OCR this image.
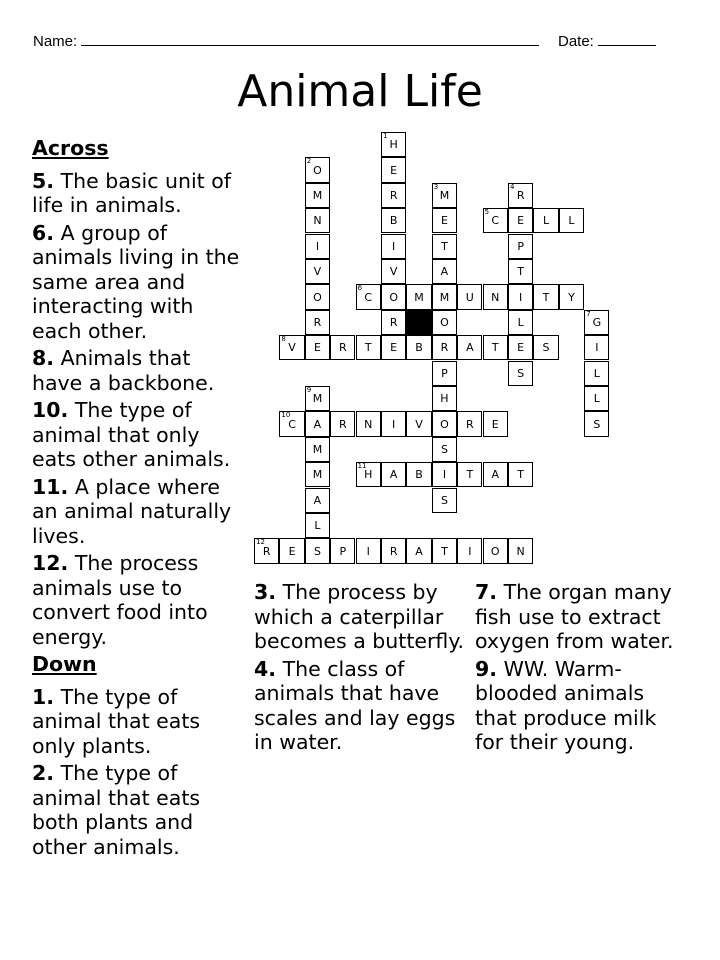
Name:	Date:
Animal Life
H
1
O
2
E
M	R	M
3
R
4
N	B	E	C
5
E	L	L
I	I	T	P
V	V	A	T
O	C
6
O	M	M	U	N	I	T	Y
R	R	O	L	G
7
V
8
E	R	T	E	B	R	A	T	E	S	I
P	S	L
M
9
H	L
C
10
A	R	N	I	V	O	R	E	S
M	S
M	H
11
A	B	I	T	A	T
A	S
L
R
12
E	S	P	I	R	A	T	I	O	N
Across
5. The basic unit of life in animals.
6. A group of animals living in the same area and interacting with each other.
8. Animals that have a backbone.
10. The type of animal that only eats other animals.
11. A place where an animal naturally lives.
12. The process animals use to convert food into energy.
Down
1. The type of animal that eats only plants.
2. The type of animal that eats both plants and other animals.
3. The process by which a caterpillar becomes a butterfly.
4. The class of animals that have scales and lay eggs in water.
7. The organ many fish use to extract oxygen from water.
9. WW. Warm-blooded animals that produce milk for their young.
